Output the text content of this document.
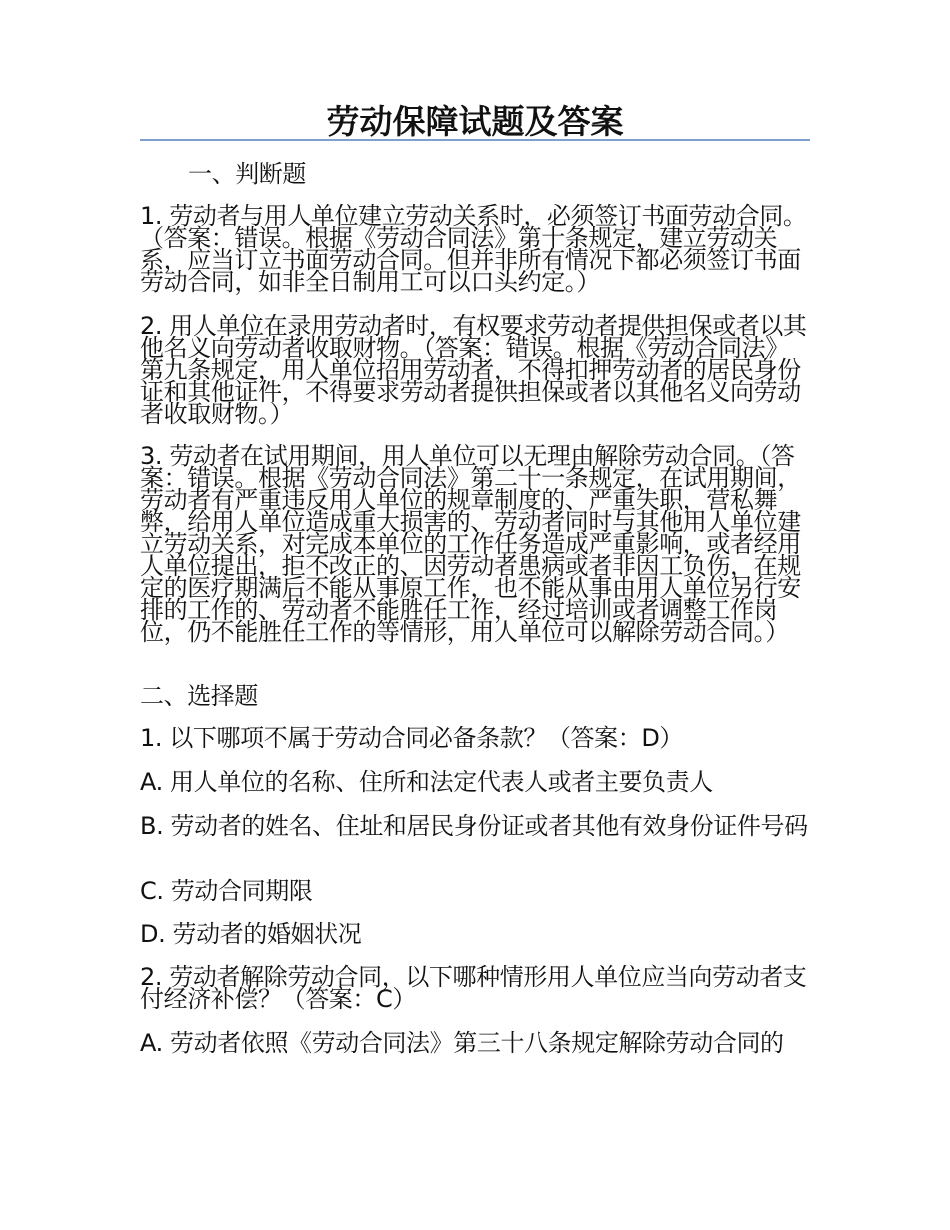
劳动保障试题及答案
一、判断题
1. 劳动者与用人单位建立劳动关系时，必须签订书面劳动合同。（答案：错误。根据《劳动合同法》第十条规定，建立劳动关系，应当订立书面劳动合同。但并非所有情况下都必须签订书面劳动合同，如非全日制用工可以口头约定。）
2. 用人单位在录用劳动者时，有权要求劳动者提供担保或者以其他名义向劳动者收取财物。（答案：错误。根据《劳动合同法》第九条规定，用人单位招用劳动者，不得扣押劳动者的居民身份证和其他证件，不得要求劳动者提供担保或者以其他名义向劳动者收取财物。）
3. 劳动者在试用期间，用人单位可以无理由解除劳动合同。（答案：错误。根据《劳动合同法》第二十一条规定，在试用期间，劳动者有严重违反用人单位的规章制度的、严重失职，营私舞弊，给用人单位造成重大损害的、劳动者同时与其他用人单位建立劳动关系，对完成本单位的工作任务造成严重影响，或者经用人单位提出，拒不改正的、因劳动者患病或者非因工负伤，在规定的医疗期满后不能从事原工作，也不能从事由用人单位另行安排的工作的、劳动者不能胜任工作，经过培训或者调整工作岗位，仍不能胜任工作的等情形，用人单位可以解除劳动合同。）
二、选择题
1. 以下哪项不属于劳动合同必备条款？（答案：D）
A. 用人单位的名称、住所和法定代表人或者主要负责人
B. 劳动者的姓名、住址和居民身份证或者其他有效身份证件号码
C. 劳动合同期限
D. 劳动者的婚姻状况
2. 劳动者解除劳动合同，以下哪种情形用人单位应当向劳动者支付经济补偿？（答案：C）
A. 劳动者依照《劳动合同法》第三十八条规定解除劳动合同的
